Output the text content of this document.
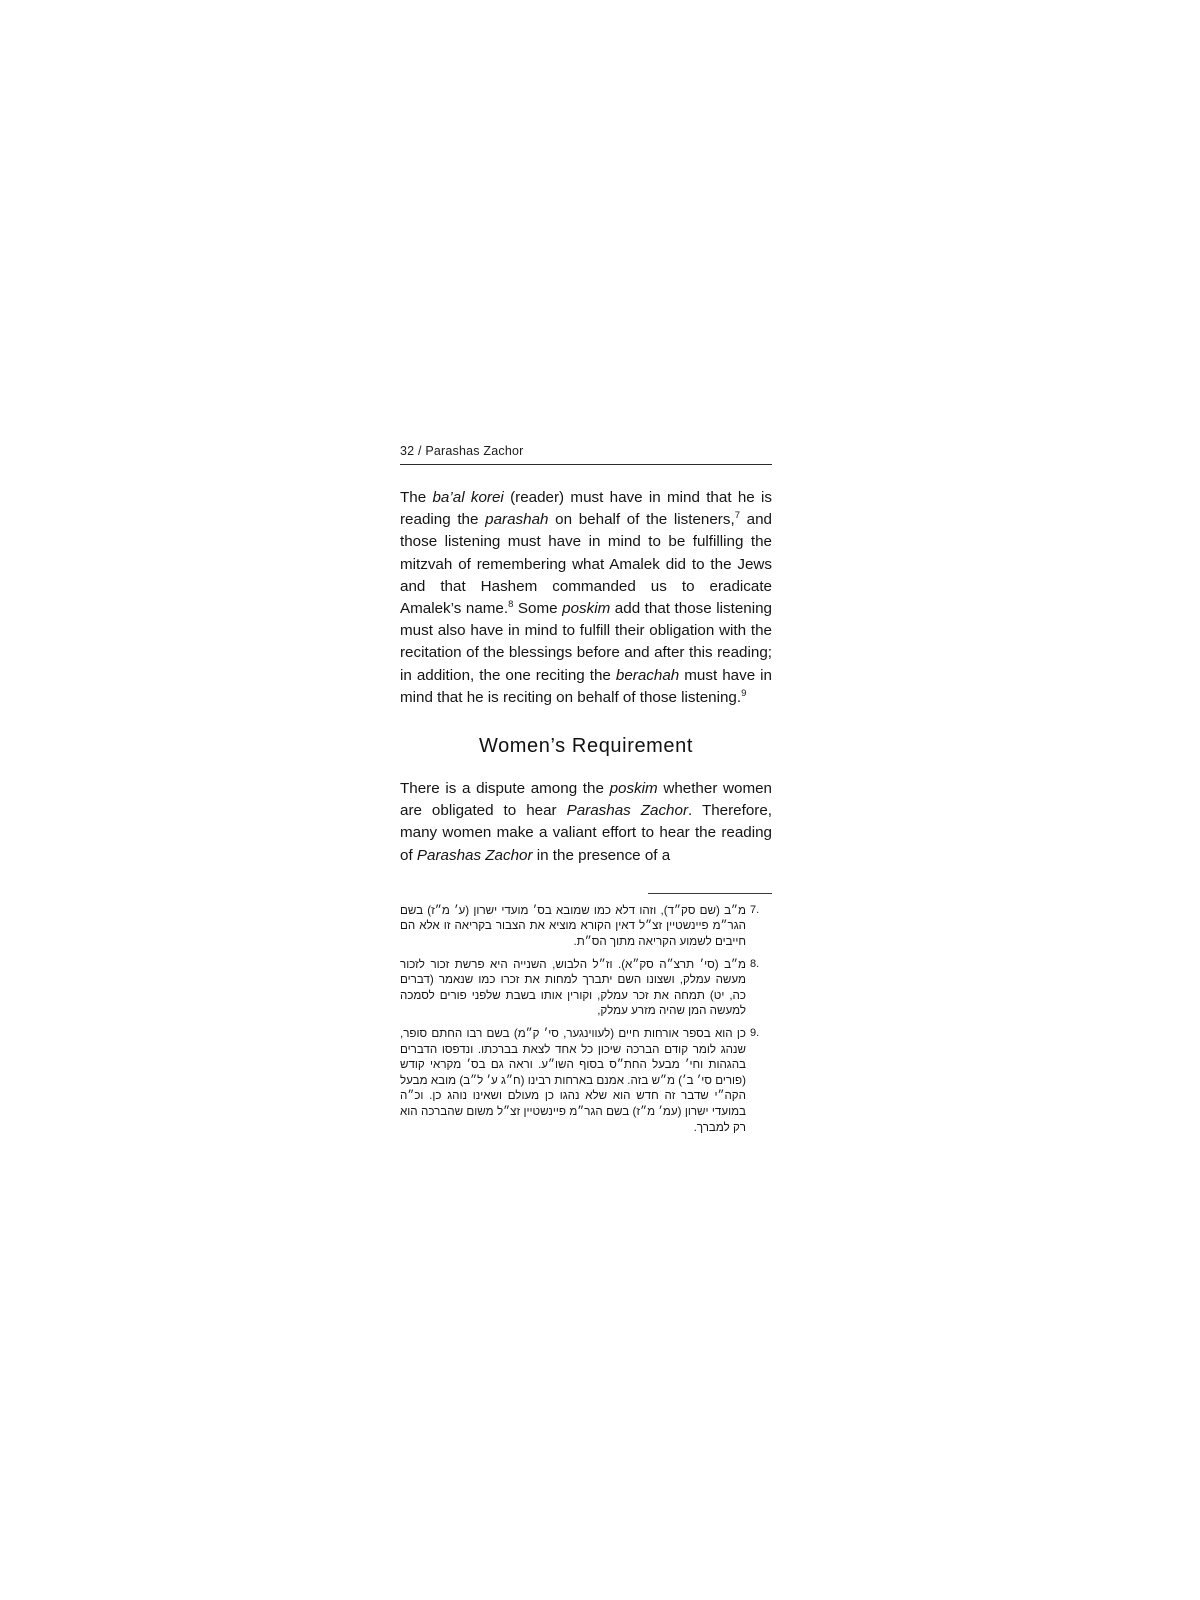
32 / Parashas Zachor

The ba’al korei (reader) must have in mind that he is reading the parashah on behalf of the listeners,$^7$ and those listening must have in mind to be fulfilling the mitzvah of remembering what Amalek did to the Jews and that Hashem commanded us to eradicate Amalek’s name.$^8$ Some poskim add that those listening must also have in mind to fulfill their obligation with the recitation of the blessings before and after this reading; in addition, the one reciting the berachah must have in mind that he is reciting on behalf of those listening.$^9$

Women’s Requirement

There is a dispute among the poskim whether women are obligated to hear Parashas Zachor. Therefore, many women make a valiant effort to hear the reading of Parashas Zachor in the presence of a

7.
מ״ב (שם סק״ד), וזהו דלא כמו שמובא בס׳ מועדי ישרון (ע׳ מ״ז) בשם הגר״מ פיינשטיין זצ״ל דאין הקורא מוציא את הצבור בקריאה זו אלא הם חייבים לשמוע הקריאה מתוך הס״ת.
8.
מ״ב (סי׳ תרצ״ה סק״א). וז״ל הלבוש, השנייה היא פרשת זכור לזכור מעשה עמלק, ושצונו השם יתברך למחות את זכרו כמו שנאמר (דברים כה, יט) תמחה את זכר עמלק, וקורין אותו בשבת שלפני פורים לסמכה למעשה המן שהיה מזרע עמלק,
9.
כן הוא בספר אורחות חיים (לעווינגער, סי׳ ק״מ) בשם רבו החתם סופר, שנהג לומר קודם הברכה שיכון כל אחד לצאת בברכתו. ונדפסו הדברים בהגהות וחי׳ מבעל החת״ס בסוף השו״ע. וראה גם בס׳ מקראי קודש (פורים סי׳ ב׳) מ״ש בזה. אמנם בארחות רבינו (ח״ג ע׳ ל״ב) מובא מבעל הקה״י שדבר זה חדש הוא שלא נהגו כן מעולם ושאינו נוהג כן. וכ״ה במועדי ישרון (עמ׳ מ״ז) בשם הגר״מ פיינשטיין זצ״ל משום שהברכה הוא רק למברך.
